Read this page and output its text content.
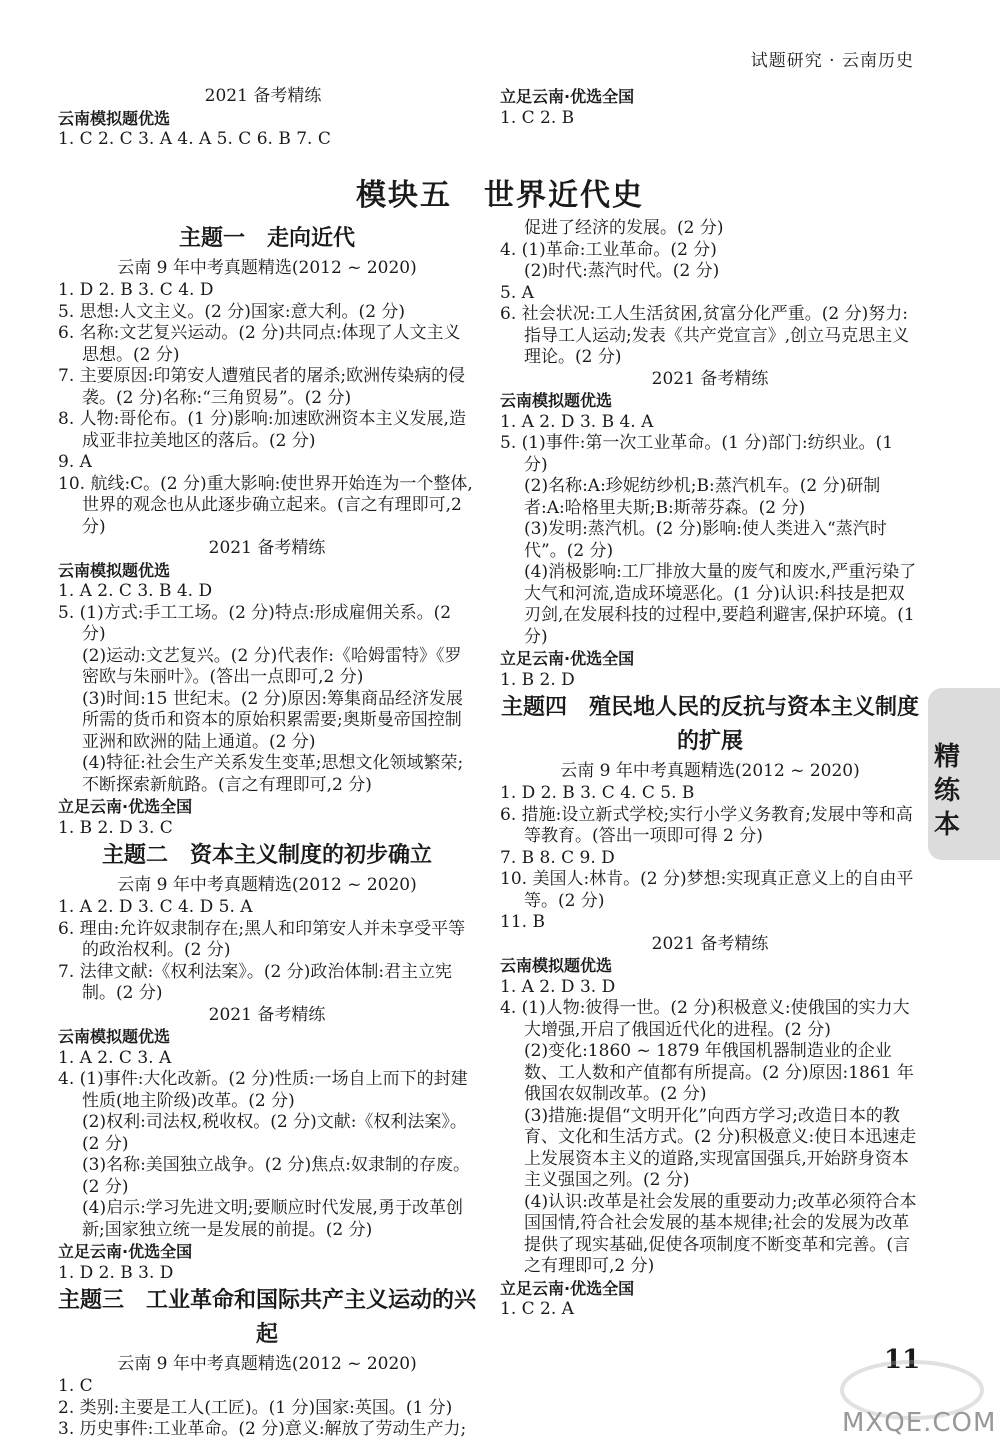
试题研究 · 云南历史

2021 备考精练

云南模拟题优选

1. C 2. C 3. A 4. A 5. C 6. B 7. C

立足云南·优选全国

1. C 2. B

模块五　世界近代史

主题一　走向近代

云南 9 年中考真题精选(2012 ~ 2020)

1. D 2. B 3. C 4. D

5. 思想:人文主义。(2 分)国家:意大利。(2 分)

6. 名称:文艺复兴运动。(2 分)共同点:体现了人文主义思想。(2 分)

7. 主要原因:印第安人遭殖民者的屠杀;欧洲传染病的侵袭。(2 分)名称:“三角贸易”。(2 分)

8. 人物:哥伦布。(1 分)影响:加速欧洲资本主义发展,造成亚非拉美地区的落后。(2 分)

9. A

10. 航线:C。(2 分)重大影响:使世界开始连为一个整体,世界的观念也从此逐步确立起来。(言之有理即可,2 分)

2021 备考精练

云南模拟题优选

1. A 2. C 3. B 4. D

5. (1)方式:手工工场。(2 分)特点:形成雇佣关系。(2 分)

(2)运动:文艺复兴。(2 分)代表作:《哈姆雷特》《罗密欧与朱丽叶》。(答出一点即可,2 分)

(3)时间:15 世纪末。(2 分)原因:筹集商品经济发展所需的货币和资本的原始积累需要;奥斯曼帝国控制亚洲和欧洲的陆上通道。(2 分)

(4)特征:社会生产关系发生变革;思想文化领域繁荣;不断探索新航路。(言之有理即可,2 分)

立足云南·优选全国

1. B 2. D 3. C

主题二　资本主义制度的初步确立

云南 9 年中考真题精选(2012 ~ 2020)

1. A 2. D 3. C 4. D 5. A

6. 理由:允许奴隶制存在;黑人和印第安人并未享受平等的政治权利。(2 分)

7. 法律文献:《权利法案》。(2 分)政治体制:君主立宪制。(2 分)

2021 备考精练

云南模拟题优选

1. A 2. C 3. A

4. (1)事件:大化改新。(2 分)性质:一场自上而下的封建性质(地主阶级)改革。(2 分)

(2)权利:司法权,税收权。(2 分)文献:《权利法案》。(2 分)

(3)名称:美国独立战争。(2 分)焦点:奴隶制的存废。(2 分)

(4)启示:学习先进文明;要顺应时代发展,勇于改革创新;国家独立统一是发展的前提。(2 分)

立足云南·优选全国

1. D 2. B 3. D

主题三　工业革命和国际共产主义运动的兴起

云南 9 年中考真题精选(2012 ~ 2020)

1. C

2. 类别:主要是工人(工匠)。(1 分)国家:英国。(1 分)

3. 历史事件:工业革命。(2 分)意义:解放了劳动生产力;

促进了经济的发展。(2 分)

4. (1)革命:工业革命。(2 分)

(2)时代:蒸汽时代。(2 分)

5. A

6. 社会状况:工人生活贫困,贫富分化严重。(2 分)努力:指导工人运动;发表《共产党宣言》,创立马克思主义理论。(2 分)

2021 备考精练

云南模拟题优选

1. A 2. D 3. B 4. A

5. (1)事件:第一次工业革命。(1 分)部门:纺织业。(1 分)

(2)名称:A:珍妮纺纱机;B:蒸汽机车。(2 分)研制者:A:哈格里夫斯;B:斯蒂芬森。(2 分)

(3)发明:蒸汽机。(2 分)影响:使人类进入“蒸汽时代”。(2 分)

(4)消极影响:工厂排放大量的废气和废水,严重污染了大气和河流,造成环境恶化。(1 分)认识:科技是把双刃剑,在发展科技的过程中,要趋利避害,保护环境。(1 分)

立足云南·优选全国

1. B 2. D

主题四　殖民地人民的反抗与资本主义制度的扩展

云南 9 年中考真题精选(2012 ~ 2020)

1. D 2. B 3. C 4. C 5. B

6. 措施:设立新式学校;实行小学义务教育;发展中等和高等教育。(答出一项即可得 2 分)

7. B 8. C 9. D

10. 美国人:林肯。(2 分)梦想:实现真正意义上的自由平等。(2 分)

11. B

2021 备考精练

云南模拟题优选

1. A 2. D 3. D

4. (1)人物:彼得一世。(2 分)积极意义:使俄国的实力大大增强,开启了俄国近代化的进程。(2 分)

(2)变化:1860 ~ 1879 年俄国机器制造业的企业数、工人数和产值都有所提高。(2 分)原因:1861 年俄国农奴制改革。(2 分)

(3)措施:提倡“文明开化”向西方学习;改造日本的教育、文化和生活方式。(2 分)积极意义:使日本迅速走上发展资本主义的道路,实现富国强兵,开始跻身资本主义强国之列。(2 分)

(4)认识:改革是社会发展的重要动力;改革必须符合本国国情,符合社会发展的基本规律;社会的发展为改革提供了现实基础,促使各项制度不断变革和完善。(言之有理即可,2 分)

立足云南·优选全国

1. C 2. A

精练本
11
MXQE.COM
